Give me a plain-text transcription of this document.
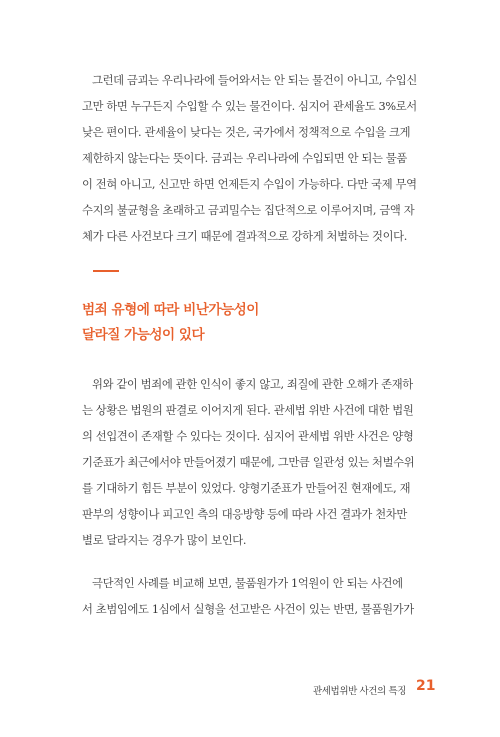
그런데 금괴는 우리나라에 들어와서는 안 되는 물건이 아니고, 수입신
고만 하면 누구든지 수입할 수 있는 물건이다. 심지어 관세율도 3%로서
낮은 편이다. 관세율이 낮다는 것은, 국가에서 정책적으로 수입을 크게
제한하지 않는다는 뜻이다. 금괴는 우리나라에 수입되면 안 되는 물품
이 전혀 아니고, 신고만 하면 언제든지 수입이 가능하다. 다만 국제 무역
수지의 불균형을 초래하고 금괴밀수는 집단적으로 이루어지며, 금액 자
체가 다른 사건보다 크기 때문에 결과적으로 강하게 처벌하는 것이다.
범죄 유형에 따라 비난가능성이
달라질 가능성이 있다
위와 같이 범죄에 관한 인식이 좋지 않고, 죄질에 관한 오해가 존재하
는 상황은 법원의 판결로 이어지게 된다. 관세법 위반 사건에 대한 법원
의 선입견이 존재할 수 있다는 것이다. 심지어 관세법 위반 사건은 양형
기준표가 최근에서야 만들어졌기 때문에, 그만큼 일관성 있는 처벌수위
를 기대하기 힘든 부분이 있었다. 양형기준표가 만들어진 현재에도, 재
판부의 성향이나 피고인 측의 대응방향 등에 따라 사건 결과가 천차만
별로 달라지는 경우가 많이 보인다.
극단적인 사례를 비교해 보면, 물품원가가 1억원이 안 되는 사건에
서 초범임에도 1심에서 실형을 선고받은 사건이 있는 반면, 물품원가가
관세법위반 사건의 특징 21
